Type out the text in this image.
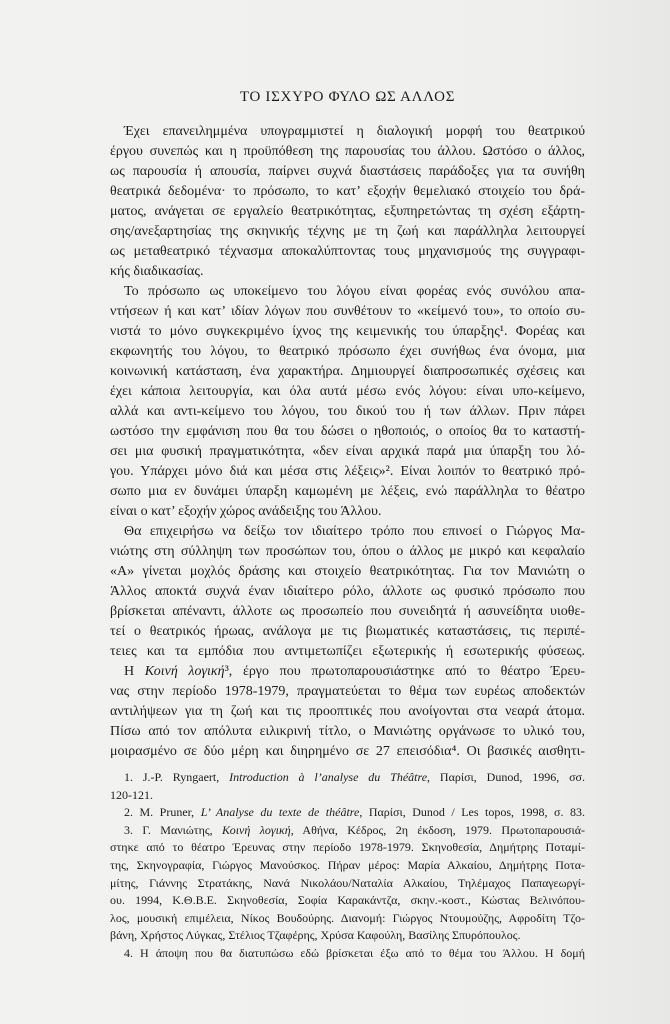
ΤΟ ΙΣΧΥΡΟ ΦΥΛΟ ΩΣ ΑΛΛΟΣ
Έχει επανειλημμένα υπογραμμιστεί η διαλογική μορφή του θεατρικού
έργου συνεπώς και η προϋπόθεση της παρουσίας του άλλου. Ωστόσο ο άλλος,
ως παρουσία ή απουσία, παίρνει συχνά διαστάσεις παράδοξες για τα συνήθη
θεατρικά δεδομένα· το πρόσωπο, το κατ’ εξοχήν θεμελιακό στοιχείο του δρά-
ματος, ανάγεται σε εργαλείο θεατρικότητας, εξυπηρετώντας τη σχέση εξάρτη-
σης/ανεξαρτησίας της σκηνικής τέχνης με τη ζωή και παράλληλα λειτουργεί
ως μεταθεατρικό τέχνασμα αποκαλύπτοντας τους μηχανισμούς της συγγραφι-
κής διαδικασίας.
Το πρόσωπο ως υποκείμενο του λόγου είναι φορέας ενός συνόλου απα-
ντήσεων ή και κατ’ ιδίαν λόγων που συνθέτουν το «κείμενό του», το οποίο συ-
νιστά το μόνο συγκεκριμένο ίχνος της κειμενικής του ύπαρξης¹. Φορέας και
εκφωνητής του λόγου, το θεατρικό πρόσωπο έχει συνήθως ένα όνομα, μια
κοινωνική κατάσταση, ένα χαρακτήρα. Δημιουργεί διαπροσωπικές σχέσεις και
έχει κάποια λειτουργία, και όλα αυτά μέσω ενός λόγου: είναι υπο-κείμενο,
αλλά και αντι-κείμενο του λόγου, του δικού του ή των άλλων. Πριν πάρει
ωστόσο την εμφάνιση που θα του δώσει ο ηθοποιός, ο οποίος θα το καταστή-
σει μια φυσική πραγματικότητα, «δεν είναι αρχικά παρά μια ύπαρξη του λό-
γου. Υπάρχει μόνο διά και μέσα στις λέξεις»². Είναι λοιπόν το θεατρικό πρό-
σωπο μια εν δυνάμει ύπαρξη καμωμένη με λέξεις, ενώ παράλληλα το θέατρο
είναι ο κατ’ εξοχήν χώρος ανάδειξης του Άλλου.
Θα επιχειρήσω να δείξω τον ιδιαίτερο τρόπο που επινοεί ο Γιώργος Μα-
νιώτης στη σύλληψη των προσώπων του, όπου ο άλλος με μικρό και κεφαλαίο
«Α» γίνεται μοχλός δράσης και στοιχείο θεατρικότητας. Για τον Μανιώτη ο
Άλλος αποκτά συχνά έναν ιδιαίτερο ρόλο, άλλοτε ως φυσικό πρόσωπο που
βρίσκεται απέναντι, άλλοτε ως προσωπείο που συνειδητά ή ασυνείδητα υιοθε-
τεί ο θεατρικός ήρωας, ανάλογα με τις βιωματικές καταστάσεις, τις περιπέ-
τειες και τα εμπόδια που αντιμετωπίζει εξωτερικής ή εσωτερικής φύσεως.
Η Κοινή λογική³, έργο που πρωτοπαρουσιάστηκε από το θέατρο Έρευ-
νας στην περίοδο 1978-1979, πραγματεύεται το θέμα των ευρέως αποδεκτών
αντιλήψεων για τη ζωή και τις προοπτικές που ανοίγονται στα νεαρά άτομα.
Πίσω από τον απόλυτα ειλικρινή τίτλο, ο Μανιώτης οργάνωσε το υλικό του,
μοιρασμένο σε δύο μέρη και διηρημένο σε 27 επεισόδια⁴. Οι βασικές αισθητι-
1. J.-P. Ryngaert, Introduction à l’analyse du Théâtre, Παρίσι, Dunod, 1996, σσ.
120-121.
2. M. Pruner, L’ Analyse du texte de théâtre, Παρίσι, Dunod / Les topos, 1998, σ. 83.
3. Γ. Μανιώτης, Κοινή λογική, Αθήνα, Κέδρος, 2η έκδοση, 1979. Πρωτοπαρουσιά-
στηκε από το θέατρο Έρευνας στην περίοδο 1978-1979. Σκηνοθεσία, Δημήτρης Ποταμί-
της, Σκηνογραφία, Γιώργος Μανούσκος. Πήραν μέρος: Μαρία Αλκαίου, Δημήτρης Ποτα-
μίτης, Γιάννης Στρατάκης, Νανά Νικολάου/Ναταλία Αλκαίου, Τηλέμαχος Παπαγεωργί-
ου. 1994, Κ.Θ.Β.Ε. Σκηνοθεσία, Σοφία Καρακάντζα, σκην.-κοστ., Κώστας Βελινόπου-
λος, μουσική επιμέλεια, Νίκος Βουδούρης. Διανομή: Γιώργος Ντουμούζης, Αφροδίτη Τζο-
βάνη, Χρήστος Λύγκας, Στέλιος Τζαφέρης, Χρύσα Καφούλη, Βασίλης Σπυρόπουλος.
4. Η άποψη που θα διατυπώσω εδώ βρίσκεται έξω από το θέμα του Άλλου. Η δομή
